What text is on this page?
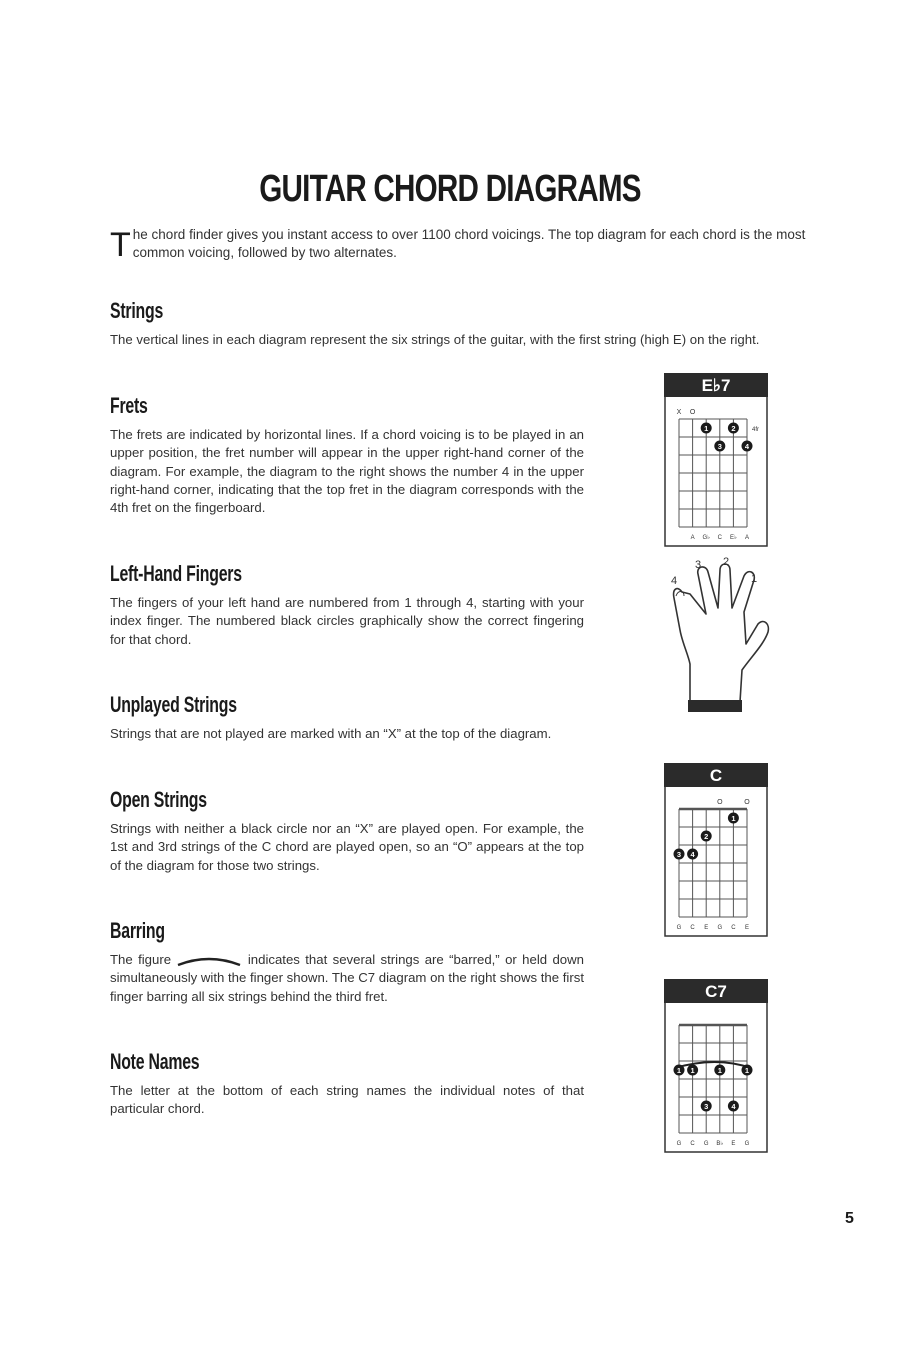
GUITAR CHORD DIAGRAMS
T he chord finder gives you instant access to over 1100 chord voicings. The top diagram for each chord is the most common voicing, followed by two alternates.
Strings
The vertical lines in each diagram represent the six strings of the guitar, with the first string (high E) on the right.
Frets
The frets are indicated by horizontal lines. If a chord voicing is to be played in an upper position, the fret number will appear in the upper right-hand corner of the diagram. For example, the diagram to the right shows the number 4 in the upper right-hand corner, indicating that the top fret in the diagram corresponds with the 4th fret on the fingerboard.
Left-Hand Fingers
The fingers of your left hand are numbered from 1 through 4, starting with your index finger. The numbered black circles graphically show the correct fingering for that chord.
Unplayed Strings
Strings that are not played are marked with an “X” at the top of the diagram.
Open Strings
Strings with neither a black circle nor an “X” are played open. For example, the 1st and 3rd strings of the C chord are played open, so an “O” appears at the top of the diagram for those two strings.
Barring
The figure	indicates that several strings are “barred,” or held down simultaneously with the finger shown. The C7 diagram on the right shows the first finger barring all six strings behind the third fret.
Note Names
The letter at the bottom of each string names the individual notes of that particular chord.
E♭7
X O
4fr
1	2
3	4
A G♭ C E♭ A
4
3 2
1
C
O	O
1
2
3 4
G C E G C E
C7
1 1	1	1
3	4
G C G B♭ E G
5
